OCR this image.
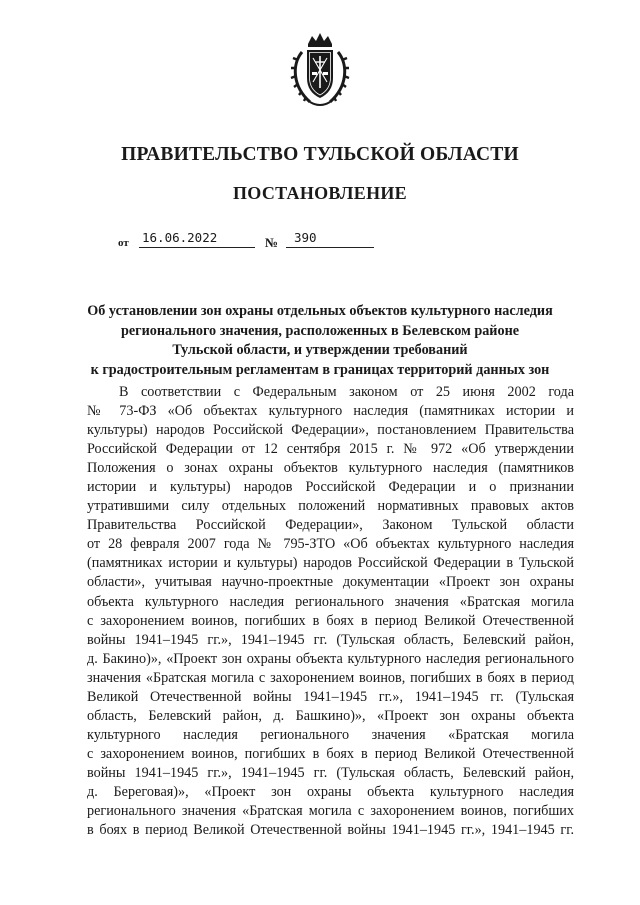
ПРАВИТЕЛЬСТВО ТУЛЬСКОЙ ОБЛАСТИ
ПОСТАНОВЛЕНИЕ
от 16.06.2022	№ 390
Об установлении зон охраны отдельных объектов культурного наследия
регионального значения, расположенных в Белевском районе
Тульской области, и утверждении требований
к градостроительным регламентам в границах территорий данных зон
В соответствии с Федеральным законом от 25 июня 2002 года
№ 73-ФЗ «Об объектах культурного наследия (памятниках истории и
культуры) народов Российской Федерации», постановлением Правительства
Российской Федерации от 12 сентября 2015 г. № 972 «Об утверждении
Положения о зонах охраны объектов культурного наследия (памятников
истории и культуры) народов Российской Федерации и о признании
утратившими силу отдельных положений нормативных правовых актов
Правительства Российской Федерации», Законом Тульской области
от 28 февраля 2007 года № 795-ЗТО «Об объектах культурного наследия
(памятниках истории и культуры) народов Российской Федерации в Тульской
области», учитывая научно-проектные документации «Проект зон охраны
объекта культурного наследия регионального значения «Братская могила
с захоронением воинов, погибших в боях в период Великой Отечественной
войны 1941–1945 гг.», 1941–1945 гг. (Тульская область, Белевский район,
д. Бакино)», «Проект зон охраны объекта культурного наследия регионального
значения «Братская могила с захоронением воинов, погибших в боях в период
Великой Отечественной войны 1941–1945 гг.», 1941–1945 гг. (Тульская
область, Белевский район, д. Башкино)», «Проект зон охраны объекта
культурного наследия регионального значения «Братская могила
с захоронением воинов, погибших в боях в период Великой Отечественной
войны 1941–1945 гг.», 1941–1945 гг. (Тульская область, Белевский район,
д. Береговая)», «Проект зон охраны объекта культурного наследия
регионального значения «Братская могила с захоронением воинов, погибших
в боях в период Великой Отечественной войны 1941–1945 гг.», 1941–1945 гг.
